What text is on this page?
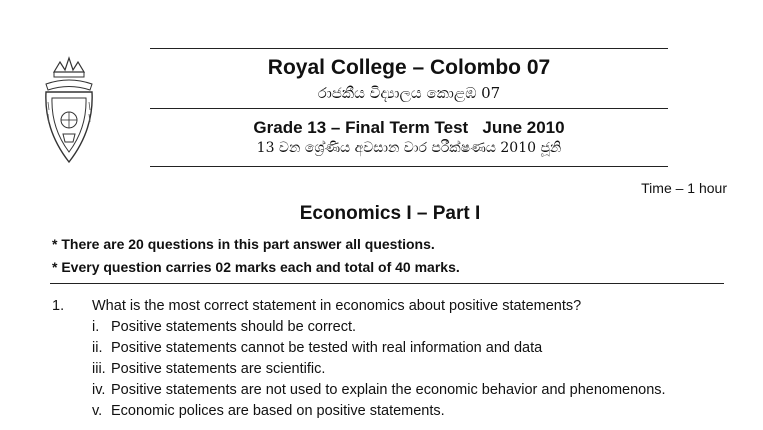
Royal College – Colombo 07
රාජකීය විද්‍යාලය කොළඹ 07
Grade 13 – Final Term Test   June 2010
13 වන ශ්‍රේණිය අවසාන වාර පරීක්ෂණය 2010 ජූනි
Time – 1 hour
Economics I – Part I
* There are 20 questions in this part answer all questions.
* Every question carries 02 marks each and total of 40 marks.
1. What is the most correct statement in economics about positive statements?
i. Positive statements should be correct.
ii. Positive statements cannot be tested with real information and data
iii. Positive statements are scientific.
iv. Positive statements are not used to explain the economic behavior and phenomenons.
v. Economic polices are based on positive statements.
